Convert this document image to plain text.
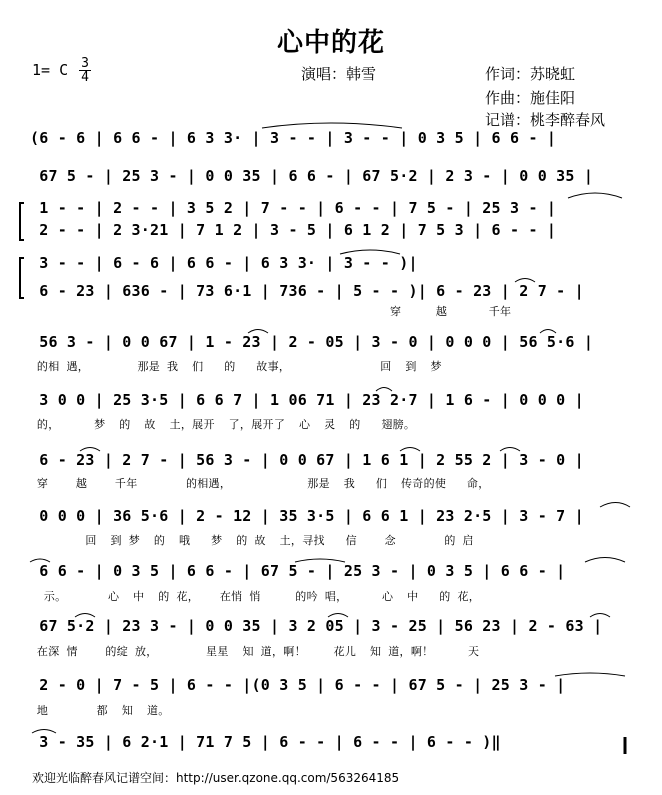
心中的花
1= C 3
4	演唱：韩雪	作词：苏晓虹
作曲：施佳阳
记谱：桃李醉春风
(6 - 6 | 6 6 - | 6 3 3· | 3 - - | 3 - - | 0 3 5 | 6 6 - |
67 5 - | 25 3 - | 0 0 35 | 6 6 - | 67 5·2 | 2 3 - | 0 0 35 |
1 - - | 2 - - | 3 5 2 | 7 - - | 6 - - | 7 5 - | 25 3 - |
2 - - | 2 3·21 | 7 1 2 | 3 - 5 | 6 1 2 | 7 5 3 | 6 - - |
3 - - | 6 - 6 | 6 6 - | 6 3 3· | 3 - - )|
6 - 23 | 636 - | 73 6·1 | 736 - | 5 - - )| 6 - 23 | 2 7 - |
56 3 - | 0 0 67 | 1 - 23 | 2 - 05 | 3 - 0 | 0 0 0 | 56 5·6 |
3 0 0 | 25 3·5 | 6 6 7 | 1 06 71 | 23 2·7 | 1 6 - | 0 0 0 |
6 - 23 | 2 7 - | 56 3 - | 0 0 67 | 1 6 1 | 2 55 2 | 3 - 0 |
0 0 0 | 36 5·6 | 2 - 12 | 35 3·5 | 6 6 1 | 23 2·5 | 3 - 7 |
6 6 - | 0 3 5 | 6 6 - | 67 5 - | 25 3 - | 0 3 5 | 6 6 - |
67 5·2 | 23 3 - | 0 0 35 | 3 2 05 | 3 - 25 | 56 23 | 2 - 63 |
2 - 0 | 7 - 5 | 6 - - |(0 3 5 | 6 - - | 67 5 - | 25 3 - |
3 - 35 | 6 2·1 | 71 7 5 | 6 - - | 6 - - | 6 - - )‖
穿     越      千年
的相 遇，       那是 我  们   的   故事，             回  到  梦
的，     梦  的  故  土，展开  了，展开了  心  灵  的   翅膀。
穿    越    千年       的相遇，           那是  我   们  传奇的使   命，
回  到 梦  的  哦   梦  的 故  土，寻找   信    念       的 启
示。      心  中  的 花，   在悄 悄     的吟 唱，     心  中   的 花，
在深 情    的绽 放，       星星  知 道，啊！    花儿  知 道，啊！     天
地       都  知  道。
欢迎光临醉春风记谱空间：http://user.qzone.qq.com/563264185
